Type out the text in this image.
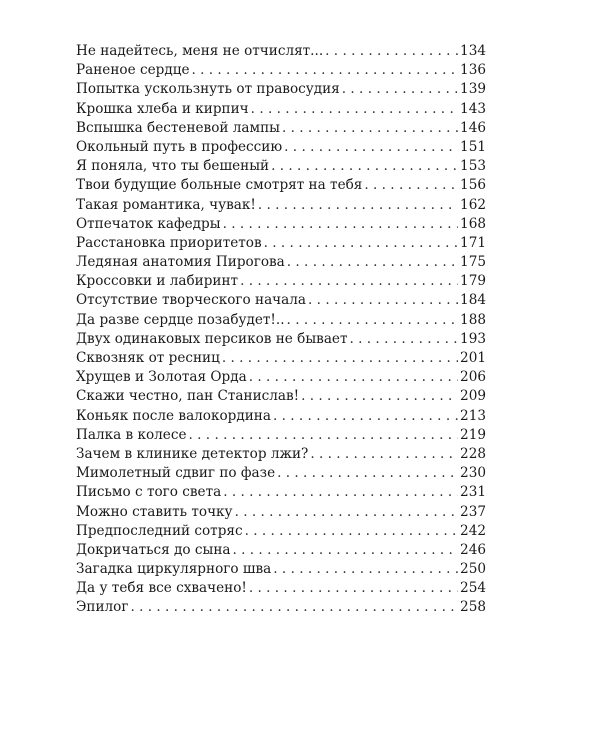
Не надейтесь, меня не отчислят... . . .	134
Раненое сердце . . .	136
Попытка ускользнуть от правосудия . . .	139
Крошка хлеба и кирпич . . .	143
Вспышка бестеневой лампы . . .	146
Окольный путь в профессию . . .	151
Я поняла, что ты бешеный . . .	153
Твои будущие больные смотрят на тебя . . .	156
Такая романтика, чувак! . . .	162
Отпечаток кафедры . . .	168
Расстановка приоритетов . . .	171
Ледяная анатомия Пирогова . . .	175
Кроссовки и лабиринт . . .	179
Отсутствие творческого начала . . .	184
Да разве сердце позабудет!.. . . .	188
Двух одинаковых персиков не бывает . . .	193
Сквозняк от ресниц . . .	201
Хрущев и Золотая Орда . . .	206
Скажи честно, пан Станислав! . . .	209
Коньяк после валокордина . . .	213
Палка в колесе . . .	219
Зачем в клинике детектор лжи? . . .	228
Мимолетный сдвиг по фазе . . .	230
Письмо с того света . . .	231
Можно ставить точку . . .	237
Предпоследний сотряс . . .	242
Докричаться до сына . . .	246
Загадка циркулярного шва . . .	250
Да у тебя все схвачено! . . .	254
Эпилог . . .	258
